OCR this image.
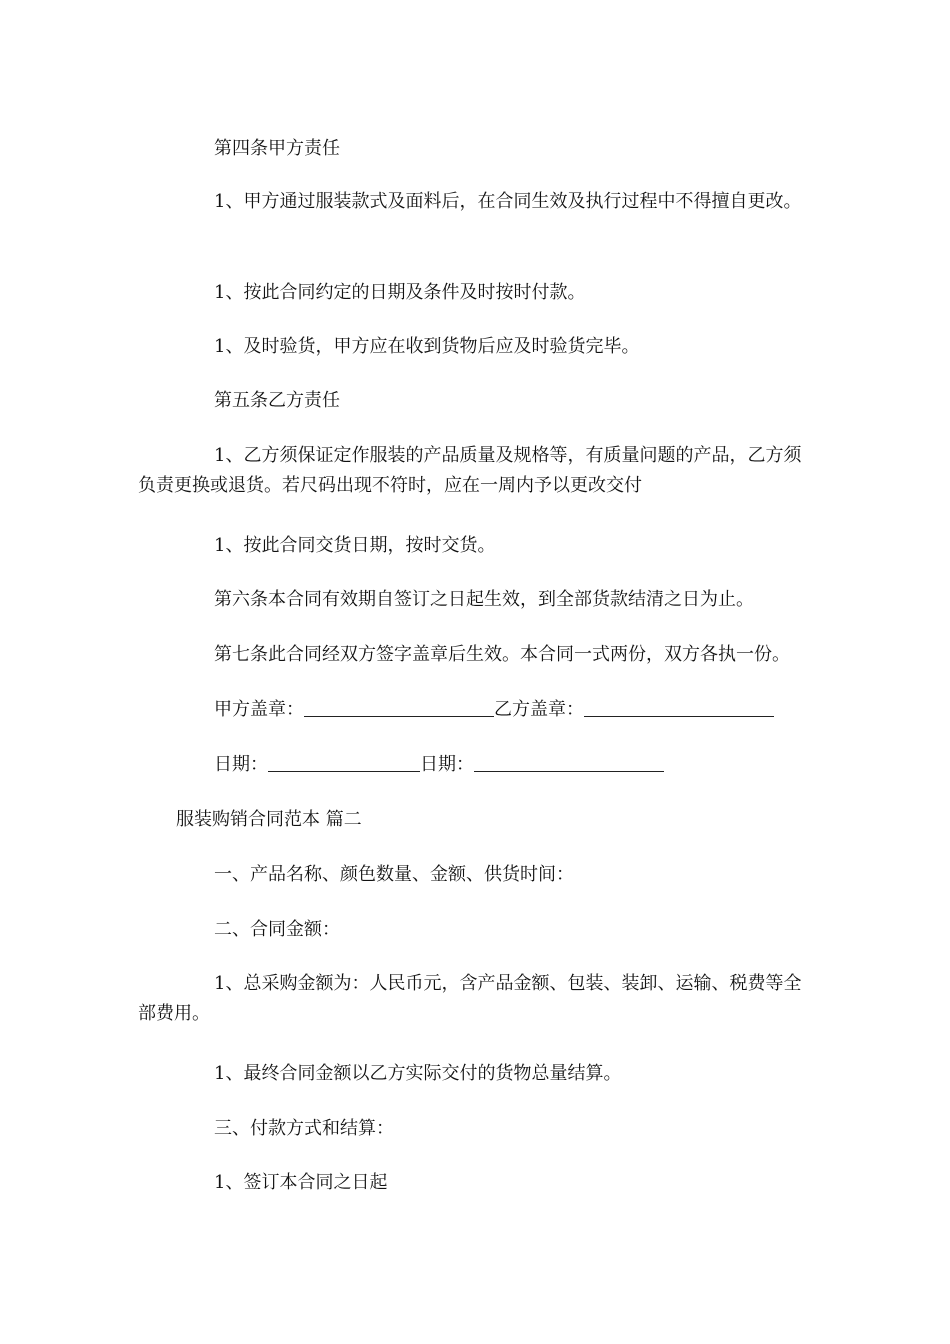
第四条甲方责任
1、甲方通过服装款式及面料后，在合同生效及执行过程中不得擅自更改。
1、按此合同约定的日期及条件及时按时付款。
1、及时验货，甲方应在收到货物后应及时验货完毕。
第五条乙方责任
1、乙方须保证定作服装的产品质量及规格等，有质量问题的产品，乙方须负责更换或退货。若尺码出现不符时，应在一周内予以更改交付
1、按此合同交货日期，按时交货。
第六条本合同有效期自签订之日起生效，到全部货款结清之日为止。
第七条此合同经双方签字盖章后生效。本合同一式两份，双方各执一份。
甲方盖章：	乙方盖章：
日期：	日期：
服装购销合同范本 篇二
一、产品名称、颜色数量、金额、供货时间：
二、合同金额：
1、总采购金额为：人民币元，含产品金额、包装、装卸、运输、税费等全部费用。
1、最终合同金额以乙方实际交付的货物总量结算。
三、付款方式和结算：
1、签订本合同之日起
